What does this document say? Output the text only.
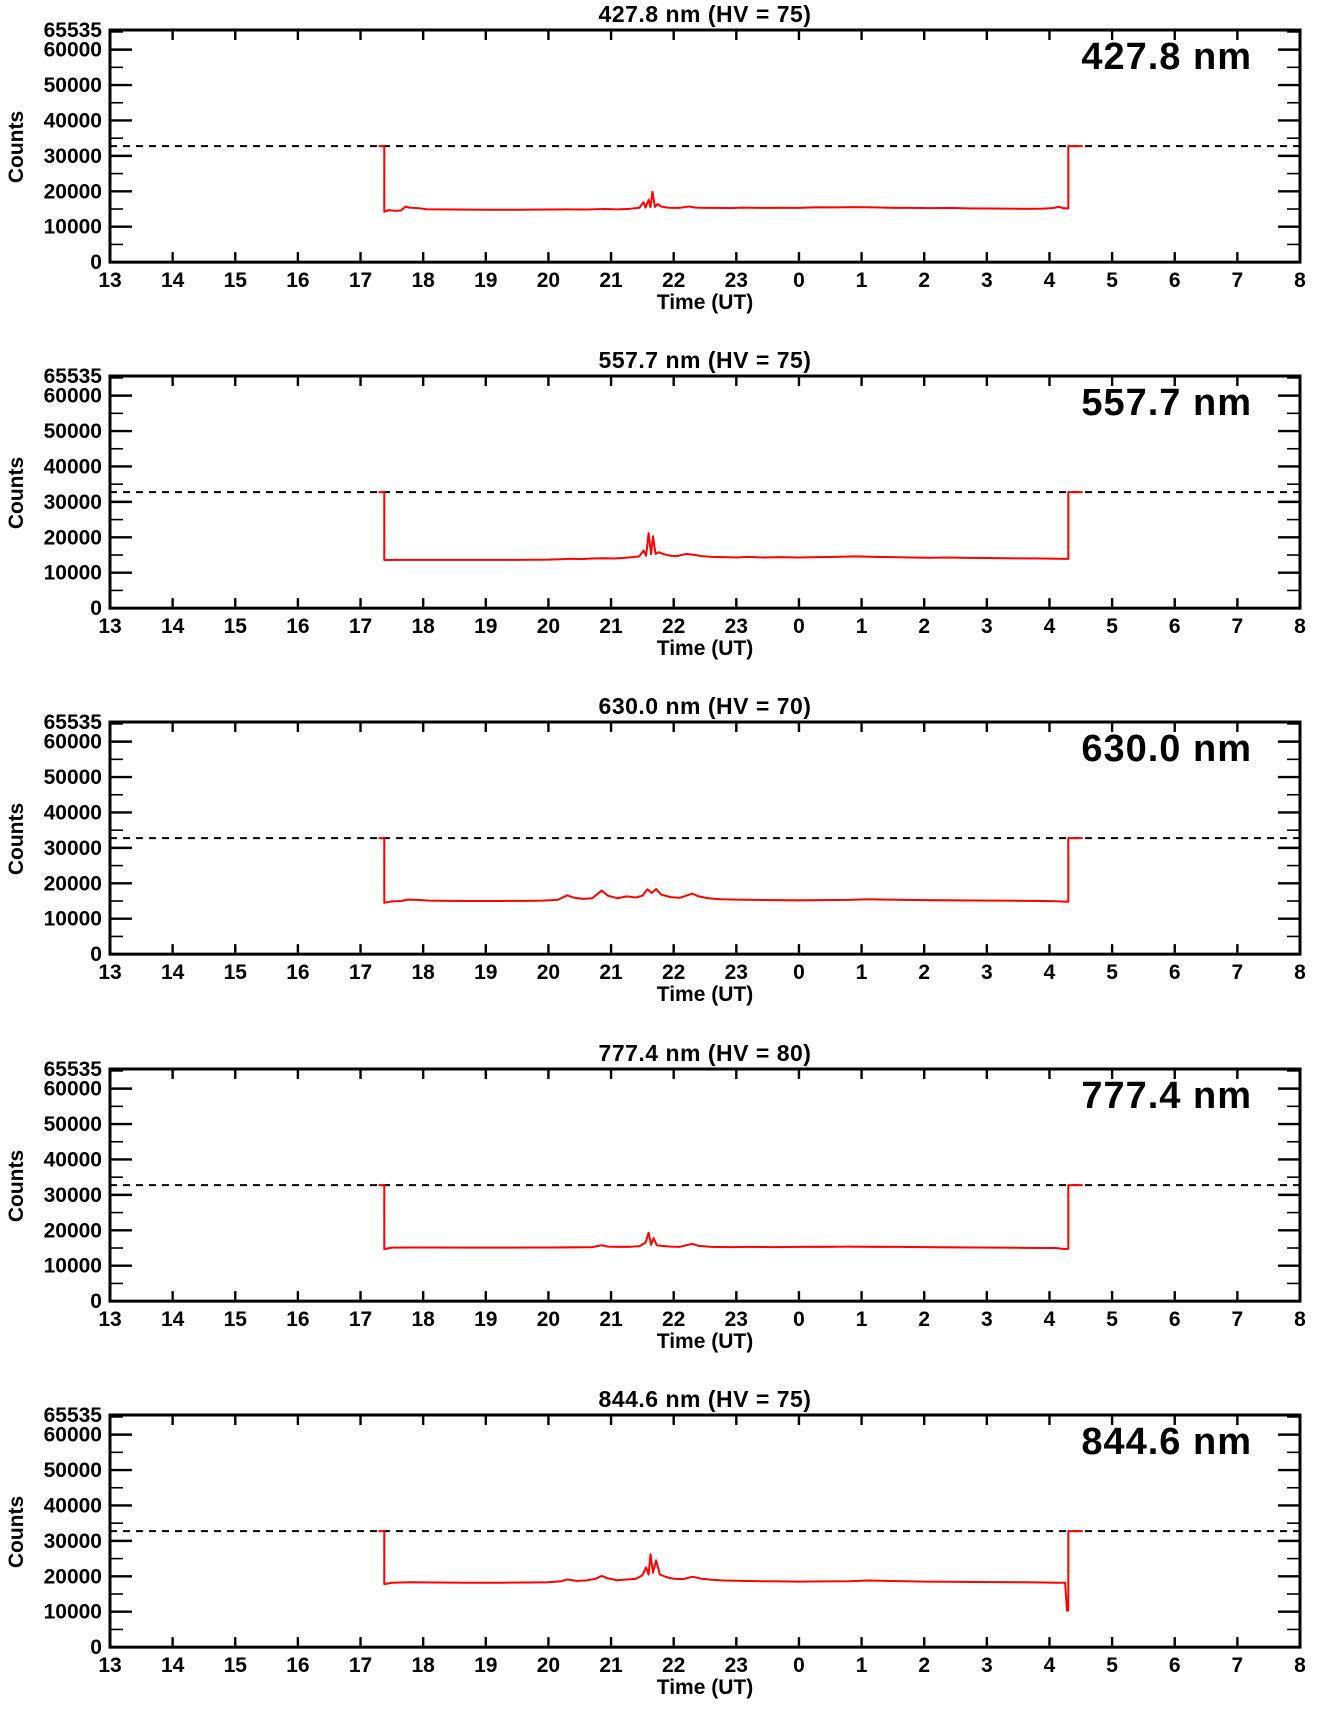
427.8 nm (HV = 75)
Counts
0
10000
20000
30000
40000
50000
60000
65535
13 14 15 16 17 18 19 20 21 22 23 0 1 2 3 4 5 6 7 8
427.8 nm
Time (UT)
557.7 nm (HV = 75)
Counts
0
10000
20000
30000
40000
50000
60000
65535
13 14 15 16 17 18 19 20 21 22 23 0 1 2 3 4 5 6 7 8
557.7 nm
Time (UT)
630.0 nm (HV = 70)
Counts
0
10000
20000
30000
40000
50000
60000
65535
13 14 15 16 17 18 19 20 21 22 23 0 1 2 3 4 5 6 7 8
630.0 nm
Time (UT)
777.4 nm (HV = 80)
Counts
0
10000
20000
30000
40000
50000
60000
65535
13 14 15 16 17 18 19 20 21 22 23 0 1 2 3 4 5 6 7 8
777.4 nm
Time (UT)
844.6 nm (HV = 75)
Counts
0
10000
20000
30000
40000
50000
60000
65535
13 14 15 16 17 18 19 20 21 22 23 0 1 2 3 4 5 6 7 8
844.6 nm
Time (UT)
